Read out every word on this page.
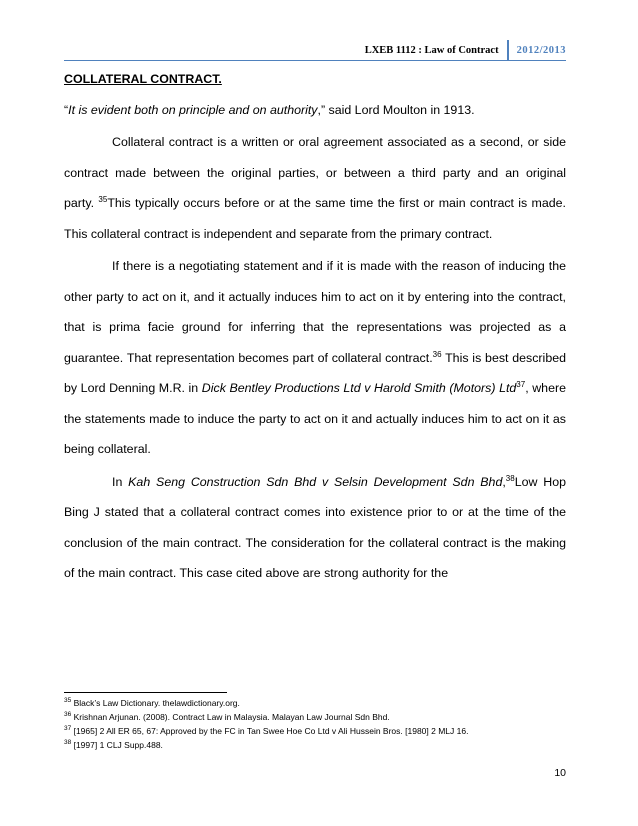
LXEB 1112 : Law of Contract	2012/2013

COLLATERAL CONTRACT.

“It is evident both on principle and on authority,” said Lord Moulton in 1913.

Collateral contract is a written or oral agreement associated as a second, or side contract made between the original parties, or between a third party and an original party. $^{35}$This typically occurs before or at the same time the first or main contract is made. This collateral contract is independent and separate from the primary contract.

If there is a negotiating statement and if it is made with the reason of inducing the other party to act on it, and it actually induces him to act on it by entering into the contract, that is prima facie ground for inferring that the representations was projected as a guarantee. That representation becomes part of collateral contract.$^{36}$ This is best described by Lord Denning M.R. in Dick Bentley Productions Ltd v Harold Smith (Motors) Ltd$^{37}$, where the statements made to induce the party to act on it and actually induces him to act on it as being collateral.

In Kah Seng Construction Sdn Bhd v Selsin Development Sdn Bhd,$^{38}$Low Hop Bing J stated that a collateral contract comes into existence prior to or at the time of the conclusion of the main contract. The consideration for the collateral contract is the making of the main contract. This case cited above are strong authority for the

$^{35}$ Black’s Law Dictionary. thelawdictionary.org.
$^{36}$ Krishnan Arjunan. (2008). Contract Law in Malaysia. Malayan Law Journal Sdn Bhd.
$^{37}$ [1965] 2 All ER 65, 67: Approved by the FC in Tan Swee Hoe Co Ltd v Ali Hussein Bros. [1980] 2 MLJ 16.
$^{38}$ [1997] 1 CLJ Supp.488.
10
